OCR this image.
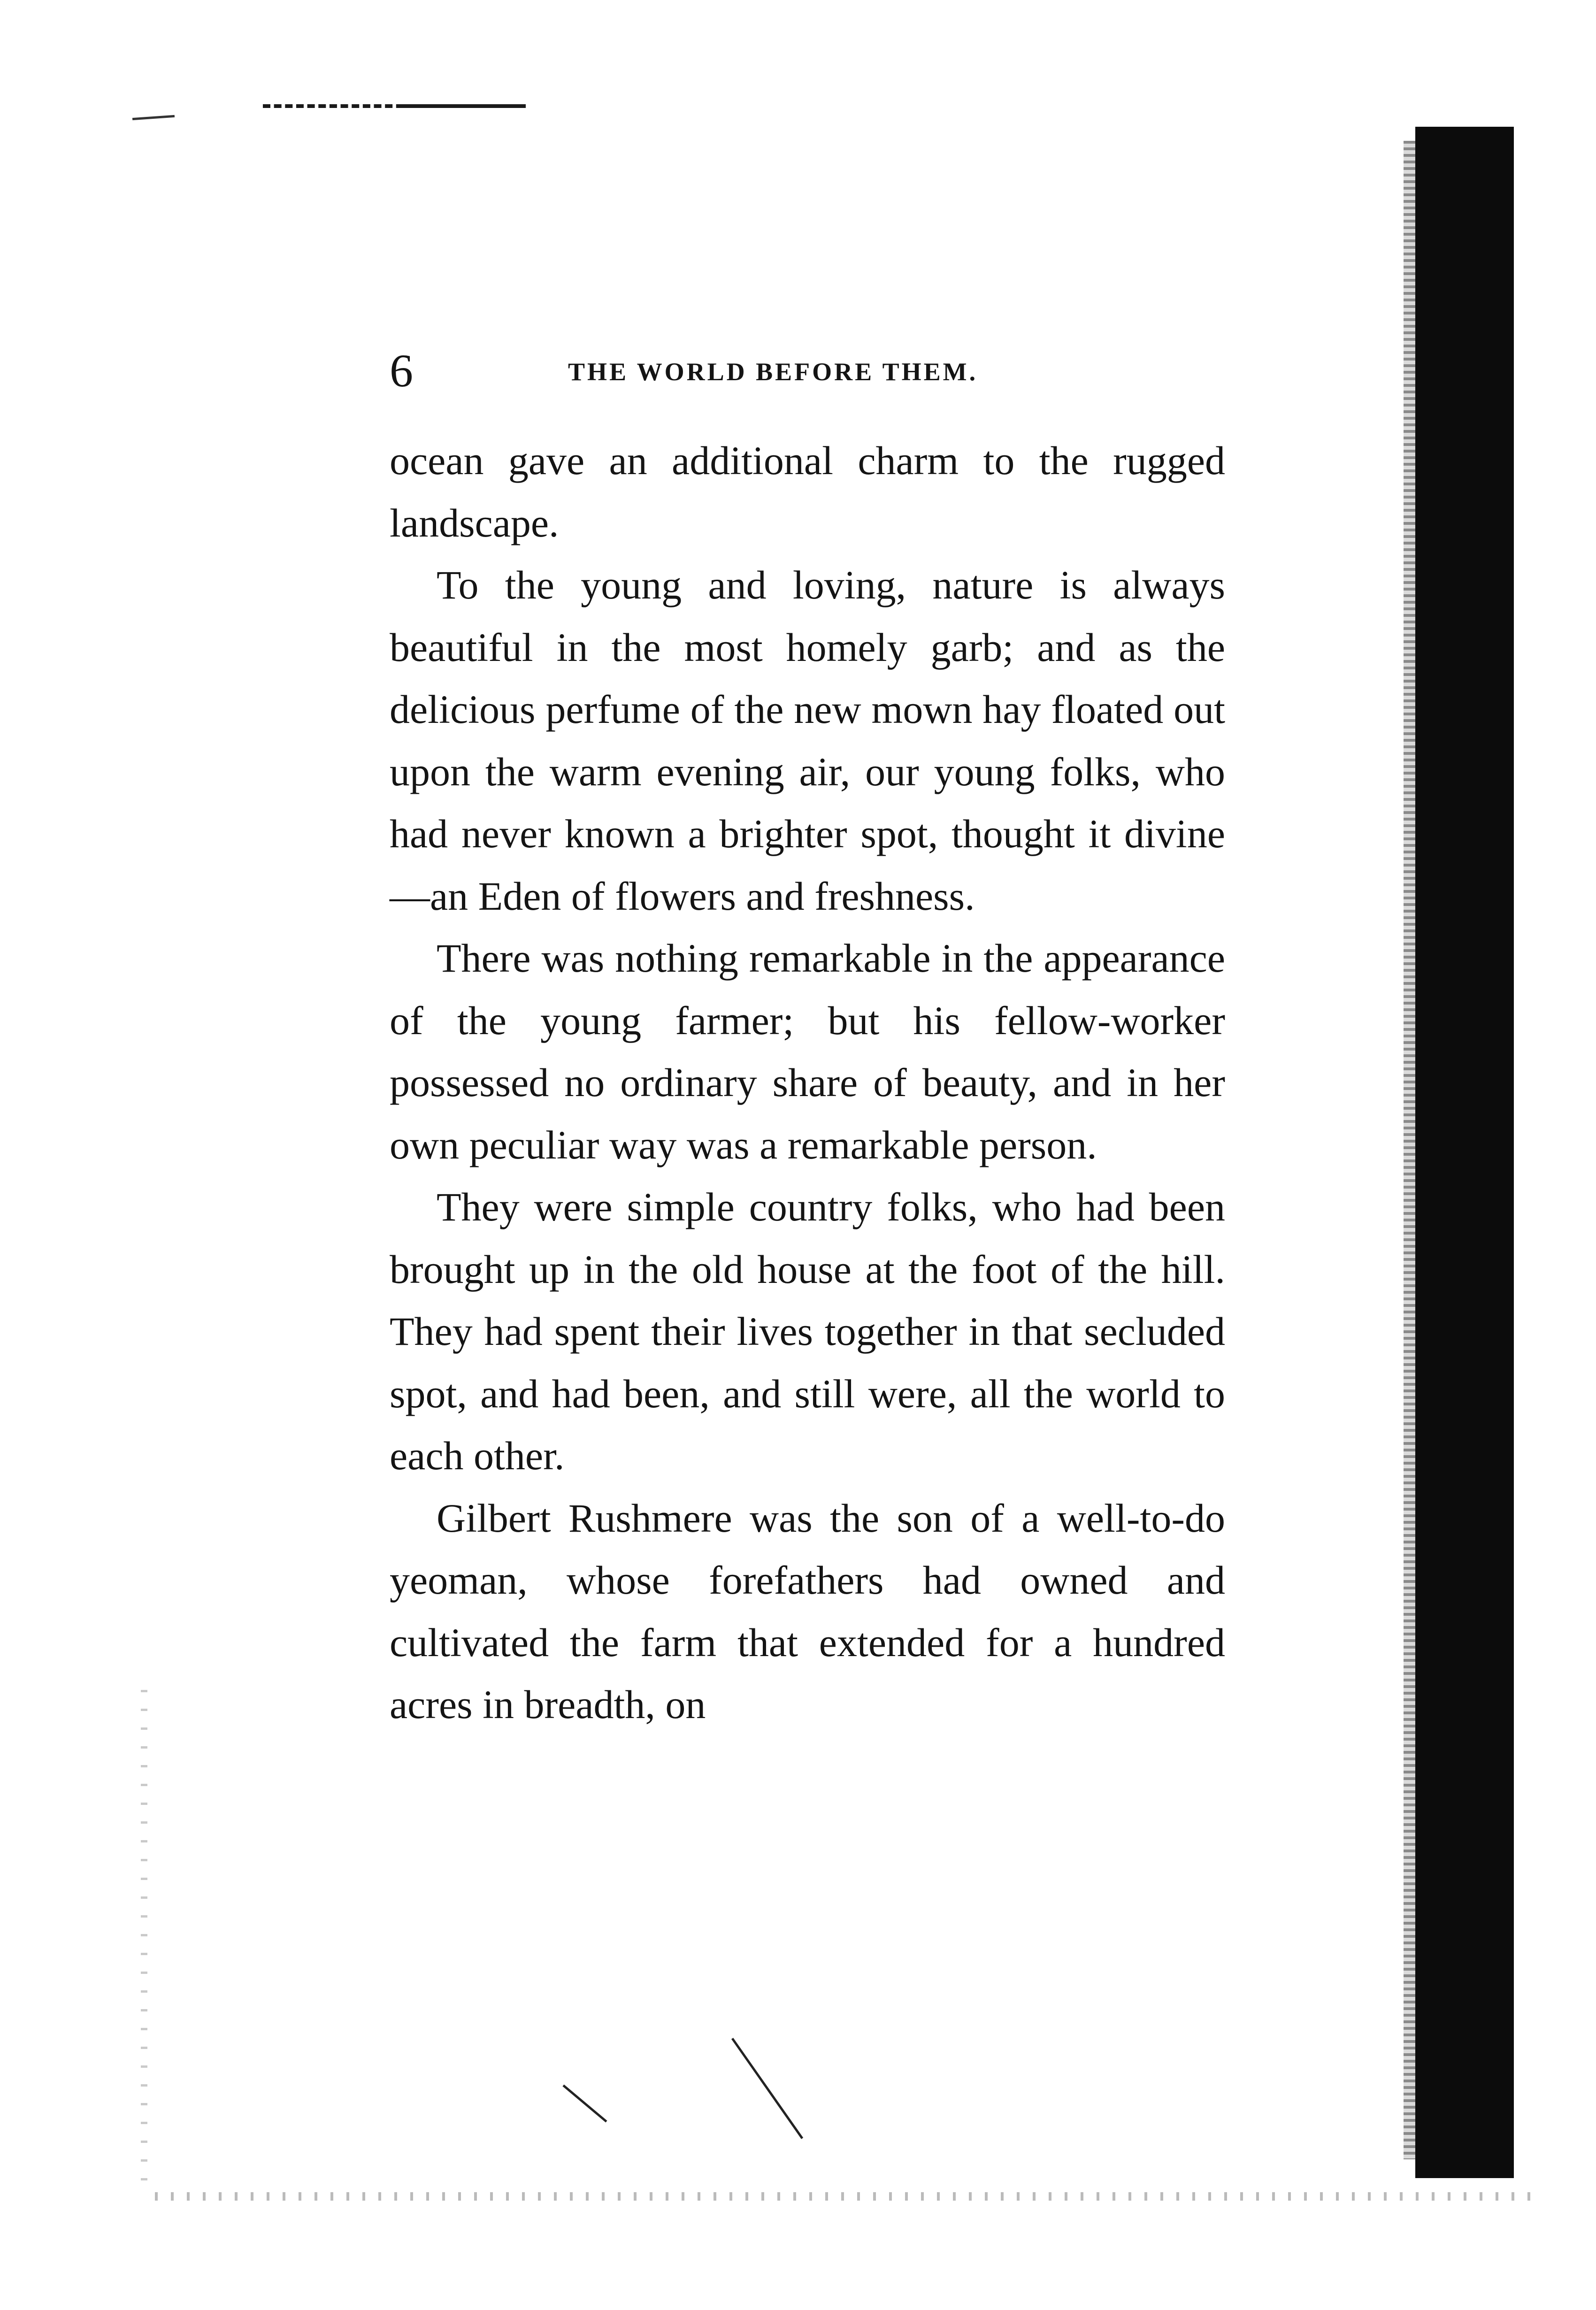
6	THE WORLD BEFORE THEM.

ocean gave an additional charm to the rugged landscape.

To the young and loving, nature is always beautiful in the most homely garb; and as the delicious perfume of the new mown hay floated out upon the warm evening air, our young folks, who had never known a brighter spot, thought it divine—an Eden of flowers and freshness.

There was nothing remarkable in the appearance of the young farmer; but his fellow-worker possessed no ordinary share of beauty, and in her own peculiar way was a remarkable person.

They were simple country folks, who had been brought up in the old house at the foot of the hill. They had spent their lives together in that secluded spot, and had been, and still were, all the world to each other.

Gilbert Rushmere was the son of a well-to-do yeoman, whose forefathers had owned and cultivated the farm that extended for a hundred acres in breadth, on
